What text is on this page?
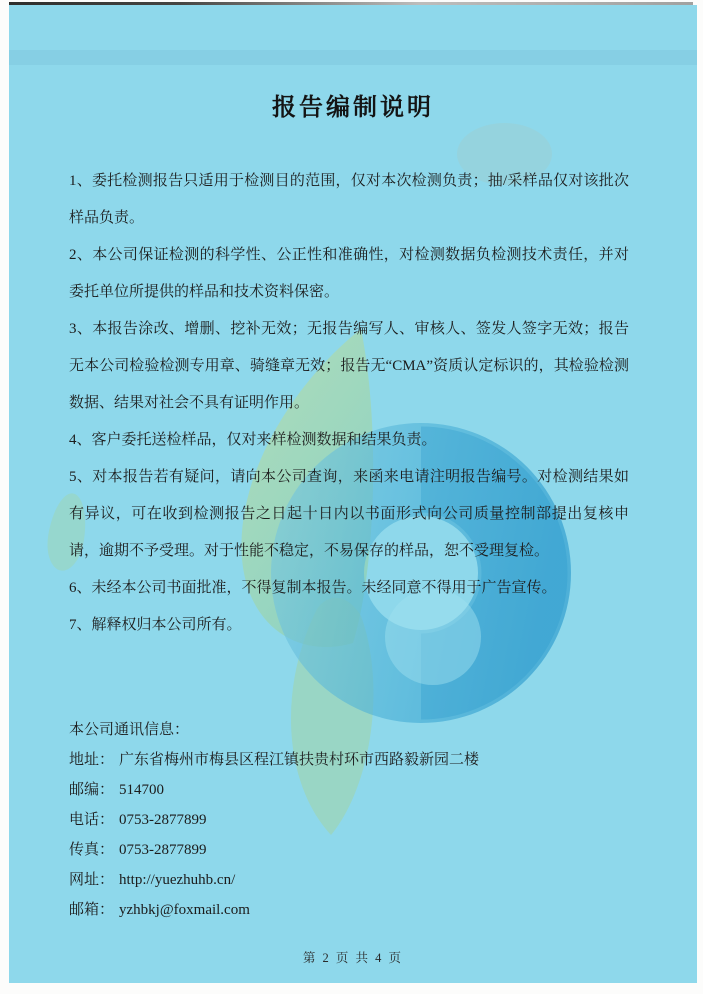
报告编制说明

1、委托检测报告只适用于检测目的范围，仅对本次检测负责；抽/采样品仅对该批次样品负责。

2、本公司保证检测的科学性、公正性和准确性，对检测数据负检测技术责任，并对委托单位所提供的样品和技术资料保密。

3、本报告涂改、增删、挖补无效；无报告编写人、审核人、签发人签字无效；报告无本公司检验检测专用章、骑缝章无效；报告无“CMA”资质认定标识的，其检验检测数据、结果对社会不具有证明作用。

4、客户委托送检样品，仅对来样检测数据和结果负责。

5、对本报告若有疑问，请向本公司查询，来函来电请注明报告编号。对检测结果如有异议，可在收到检测报告之日起十日内以书面形式向公司质量控制部提出复核申请，逾期不予受理。对于性能不稳定，不易保存的样品，恕不受理复检。

6、未经本公司书面批准，不得复制本报告。未经同意不得用于广告宣传。

7、解释权归本公司所有。

本公司通讯信息：

地址： 广东省梅州市梅县区程江镇扶贵村环市西路毅新园二楼

邮编： 514700

电话： 0753-2877899

传真： 0753-2877899

网址： http://yuezhuhb.cn/

邮箱： yzhbkj@foxmail.com

第 2 页 共 4 页
